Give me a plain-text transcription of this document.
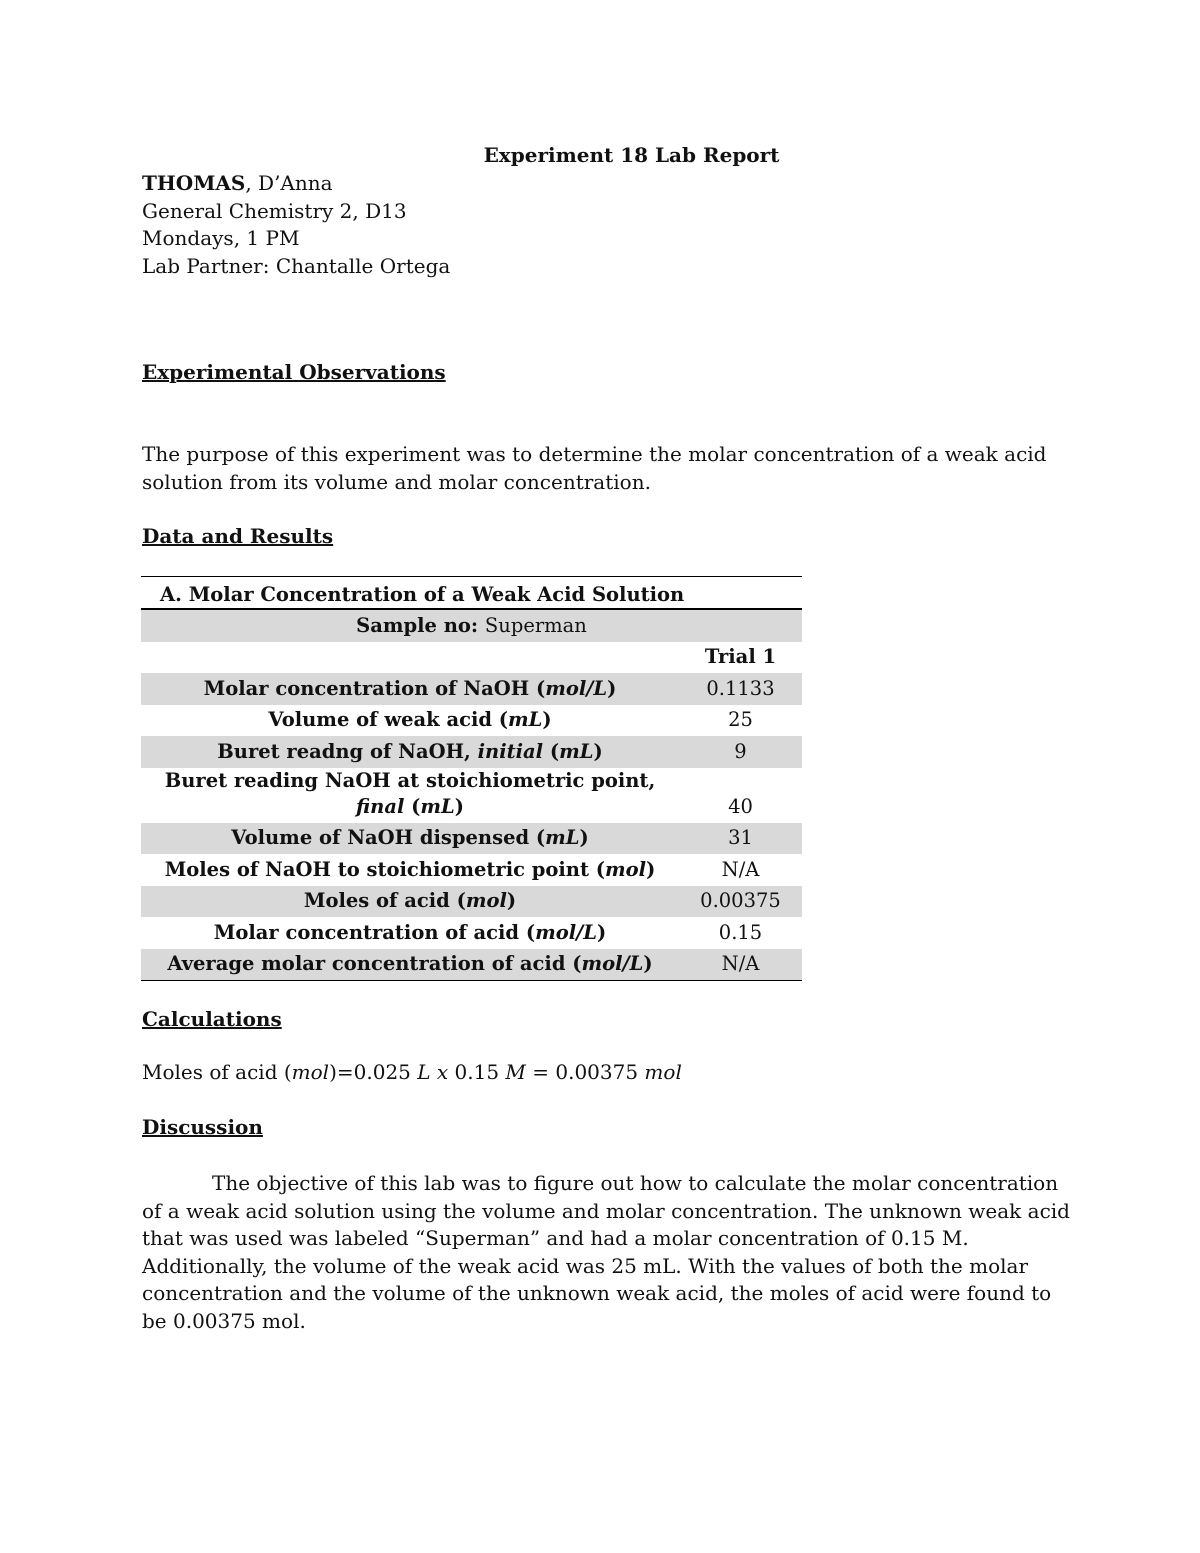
Experiment 18 Lab Report
THOMAS, D’Anna
General Chemistry 2, D13
Mondays, 1 PM
Lab Partner: Chantalle Ortega
Experimental Observations
The purpose of this experiment was to determine the molar concentration of a weak acid solution from its volume and molar concentration.
Data and Results
A. Molar Concentration of a Weak Acid Solution
Sample no: Superman
Trial 1
Molar concentration of NaOH (mol/L)	0.1133
Volume of weak acid (mL)	25
Buret readng of NaOH, initial (mL)	9
Buret reading NaOH at stoichiometric point, final (mL)	40
Volume of NaOH dispensed (mL)	31
Moles of NaOH to stoichiometric point (mol)	N/A
Moles of acid (mol)	0.00375
Molar concentration of acid (mol/L)	0.15
Average molar concentration of acid (mol/L)	N/A
Calculations
Moles of acid (mol)=0.025 𝐿 𝑥 0.15 𝑀 = 0.00375 𝑚𝑜𝑙
Discussion
The objective of this lab was to figure out how to calculate the molar concentration of a weak acid solution using the volume and molar concentration. The unknown weak acid that was used was labeled “Superman” and had a molar concentration of 0.15 M. Additionally, the volume of the weak acid was 25 mL. With the values of both the molar concentration and the volume of the unknown weak acid, the moles of acid were found to be 0.00375 mol.
